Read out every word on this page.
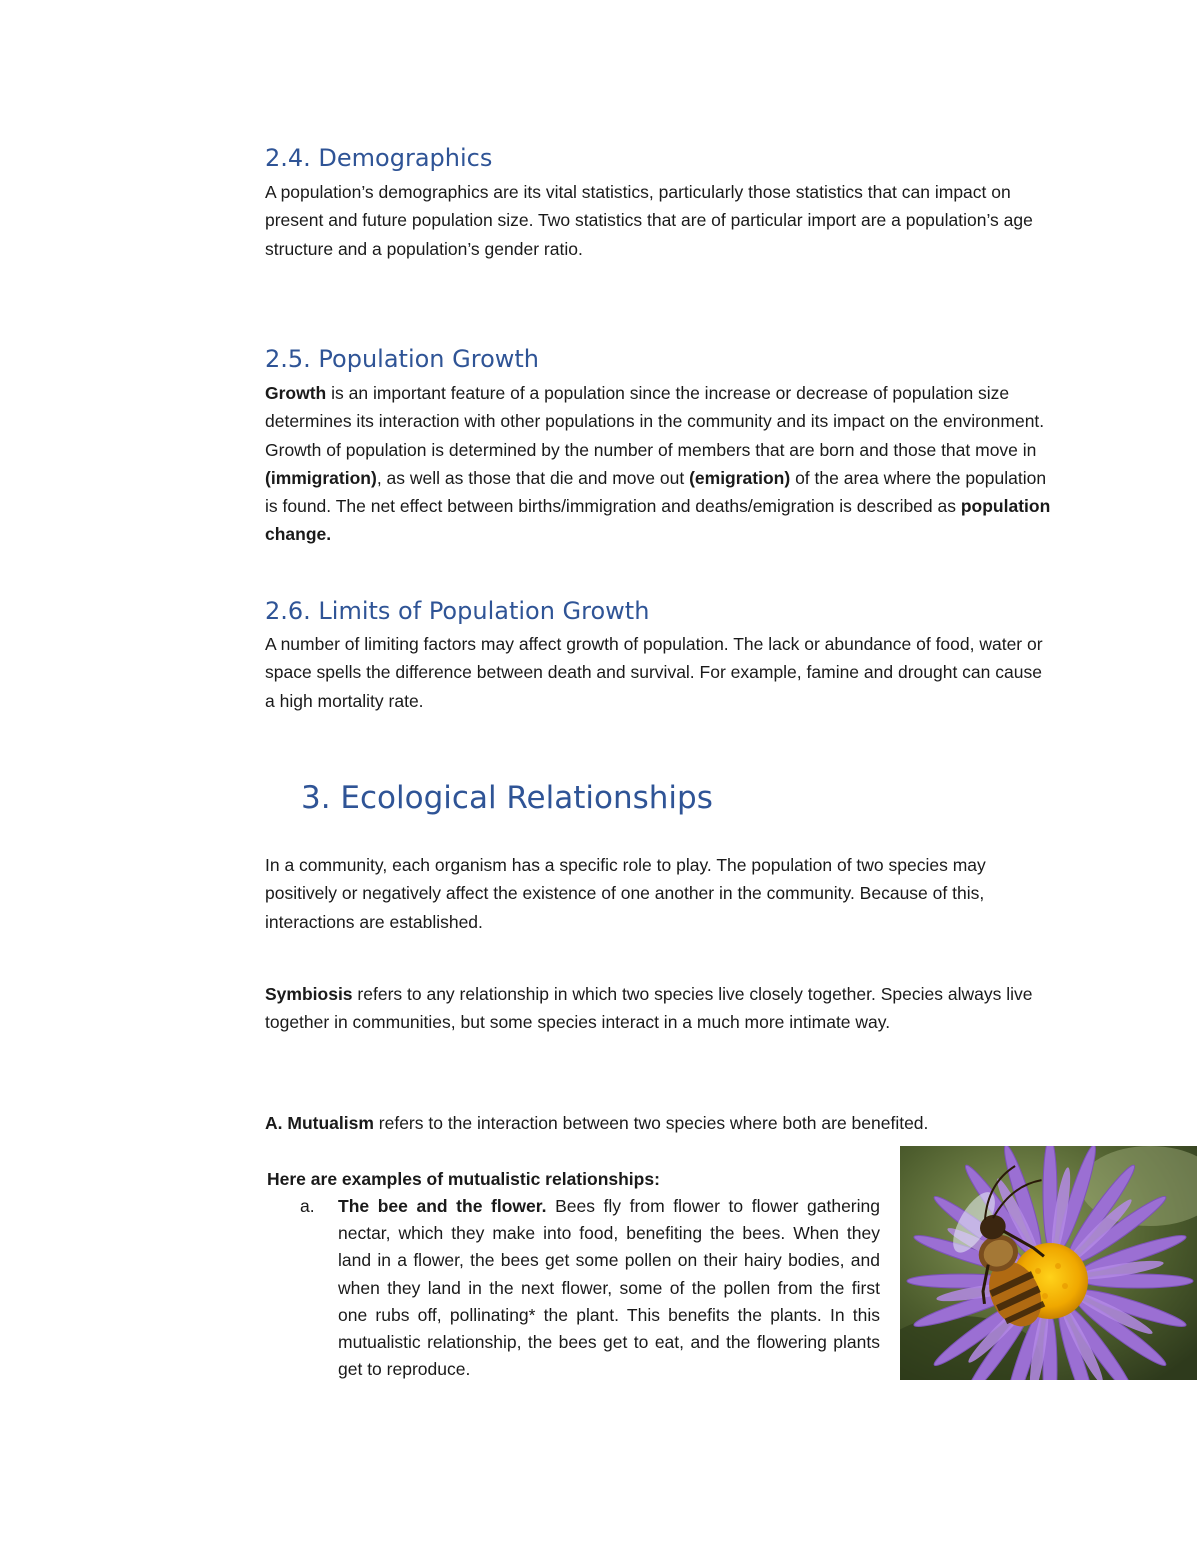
2.4. Demographics

A population’s demographics are its vital statistics, particularly those statistics that can impact on present and future population size. Two statistics that are of particular import are a population’s age structure and a population’s gender ratio.

2.5. Population Growth

Growth is an important feature of a population since the increase or decrease of population size determines its interaction with other populations in the community and its impact on the environment. Growth of population is determined by the number of members that are born and those that move in (immigration), as well as those that die and move out (emigration) of the area where the population is found. The net effect between births/immigration and deaths/emigration is described as population change.

2.6. Limits of Population Growth

A number of limiting factors may affect growth of population. The lack or abundance of food, water or space spells the difference between death and survival. For example, famine and drought can cause a high mortality rate.

3. Ecological Relationships

In a community, each organism has a specific role to play. The population of two species may positively or negatively affect the existence of one another in the community. Because of this, interactions are established.

Symbiosis refers to any relationship in which two species live closely together. Species always live together in communities, but some species interact in a much more intimate way.

A. Mutualism refers to the interaction between two species where both are benefited.

Here are examples of mutualistic relationships:

a. The bee and the flower. Bees fly from flower to flower gathering nectar, which they make into food, benefiting the bees. When they land in a flower, the bees get some pollen on their hairy bodies, and when they land in the next flower, some of the pollen from the first one rubs off, pollinating* the plant. This benefits the plants. In this mutualistic relationship, the bees get to eat, and the flowering plants get to reproduce.
